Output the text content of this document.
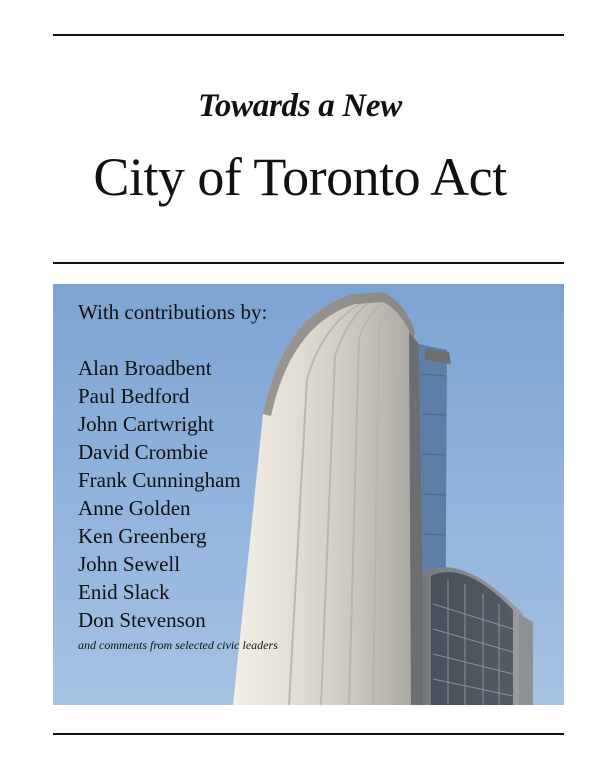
Towards a New
City of Toronto Act
With contributions by:
Alan Broadbent
Paul Bedford
John Cartwright
David Crombie
Frank Cunningham
Anne Golden
Ken Greenberg
John Sewell
Enid Slack
Don Stevenson
and comments from selected civic leaders
